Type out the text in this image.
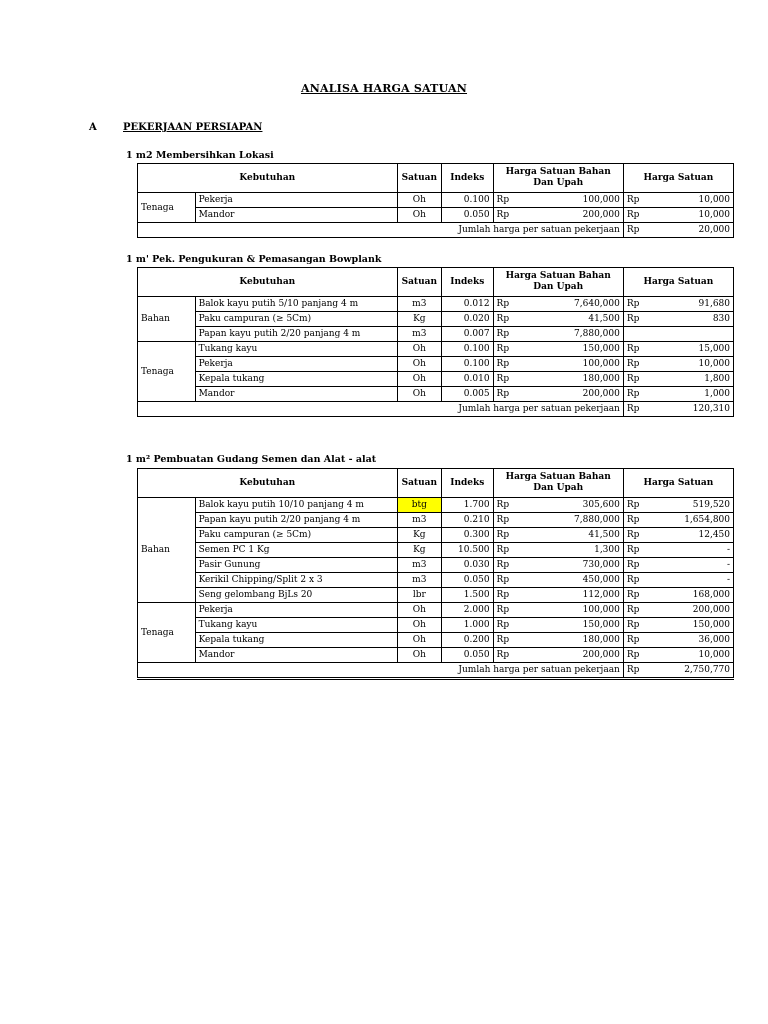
ANALISA HARGA SATUAN
A	PEKERJAAN PERSIAPAN
1 m2 Membersihkan Lokasi
Kebutuhan		Satuan	Indeks	Harga Satuan Bahan Dan Upah		Harga Satuan	
Tenaga	Pekerja	Oh	0.100	Rp	100,000	Rp	10,000
	Mandor	Oh	0.050	Rp	200,000	Rp	10,000
			Jumlah harga per satuan pekerjaan			Rp	20,000
1 m' Pek. Pengukuran & Pemasangan Bowplank
Kebutuhan		Satuan	Indeks	Harga Satuan Bahan Dan Upah		Harga Satuan	
Bahan	Balok kayu putih 5/10 panjang 4 m	m3	0.012	Rp	7,640,000	Rp	91,680
	Paku campuran (≥ 5Cm)	Kg	0.020	Rp	41,500	Rp	830
	Papan kayu putih 2/20 panjang 4 m	m3	0.007	Rp	7,880,000		
Tenaga	Tukang kayu	Oh	0.100	Rp	150,000	Rp	15,000
	Pekerja	Oh	0.100	Rp	100,000	Rp	10,000
	Kepala tukang	Oh	0.010	Rp	180,000	Rp	1,800
	Mandor	Oh	0.005	Rp	200,000	Rp	1,000
			Jumlah harga per satuan pekerjaan			Rp	120,310
1 m² Pembuatan Gudang Semen dan Alat - alat
Kebutuhan		Satuan	Indeks	Harga Satuan Bahan Dan Upah		Harga Satuan	
Bahan	Balok kayu putih 10/10 panjang 4 m	btg	1.700	Rp	305,600	Rp	519,520
	Papan kayu putih 2/20 panjang 4 m	m3	0.210	Rp	7,880,000	Rp	1,654,800
	Paku campuran (≥ 5Cm)	Kg	0.300	Rp	41,500	Rp	12,450
	Semen PC 1 Kg	Kg	10.500	Rp	1,300	Rp	-
	Pasir Gunung	m3	0.030	Rp	730,000	Rp	-
	Kerikil Chipping/Split 2 x 3	m3	0.050	Rp	450,000	Rp	-
	Seng gelombang BjLs 20	lbr	1.500	Rp	112,000	Rp	168,000
Tenaga	Pekerja	Oh	2.000	Rp	100,000	Rp	200,000
	Tukang kayu	Oh	1.000	Rp	150,000	Rp	150,000
	Kepala tukang	Oh	0.200	Rp	180,000	Rp	36,000
	Mandor	Oh	0.050	Rp	200,000	Rp	10,000
			Jumlah harga per satuan pekerjaan			Rp	2,750,770
